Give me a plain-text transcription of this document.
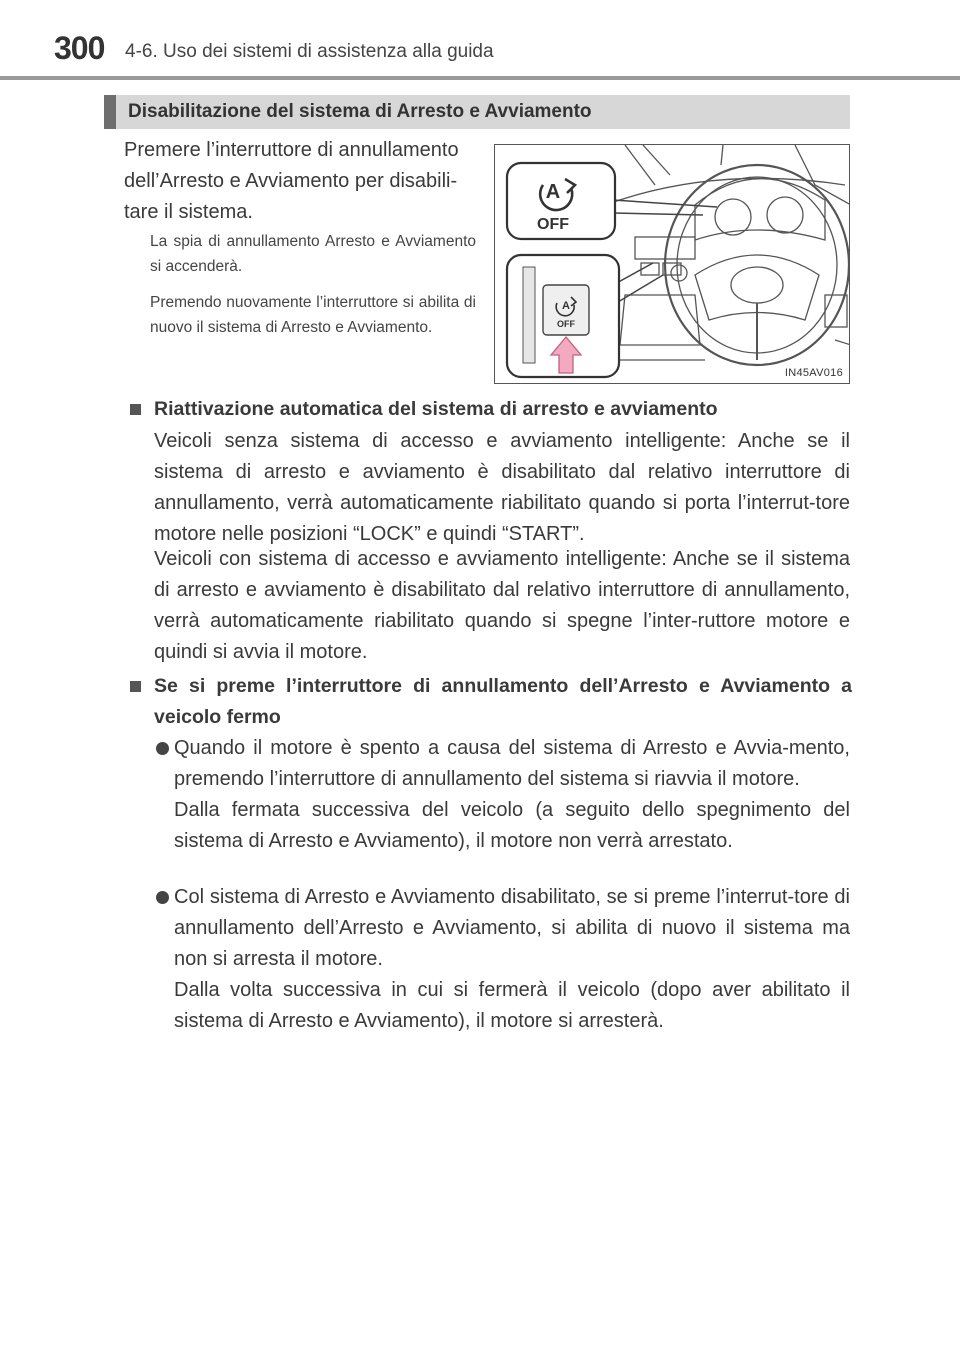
300 4-6. Uso dei sistemi di assistenza alla guida
Disabilitazione del sistema di Arresto e Avviamento
Premere l’interruttore di annullamento dell’Arresto e Avviamento per disabili-tare il sistema.
La spia di annullamento Arresto e Avviamento si accenderà.
Premendo nuovamente l’interruttore si abilita di nuovo il sistema di Arresto e Avviamento.
A
OFF
A
OFF
IN45AV016
Riattivazione automatica del sistema di arresto e avviamento
Veicoli senza sistema di accesso e avviamento intelligente: Anche se il sistema di arresto e avviamento è disabilitato dal relativo interruttore di annullamento, verrà automaticamente riabilitato quando si porta l’interrut-tore motore nelle posizioni “LOCK” e quindi “START”.
Veicoli con sistema di accesso e avviamento intelligente: Anche se il sistema di arresto e avviamento è disabilitato dal relativo interruttore di annullamento, verrà automaticamente riabilitato quando si spegne l’inter-ruttore motore e quindi si avvia il motore.
Se si preme l’interruttore di annullamento dell’Arresto e Avviamento a veicolo fermo
Quando il motore è spento a causa del sistema di Arresto e Avvia-mento, premendo l’interruttore di annullamento del sistema si riavvia il motore.
Dalla fermata successiva del veicolo (a seguito dello spegnimento del sistema di Arresto e Avviamento), il motore non verrà arrestato.
Col sistema di Arresto e Avviamento disabilitato, se si preme l’interrut-tore di annullamento dell’Arresto e Avviamento, si abilita di nuovo il sistema ma non si arresta il motore.
Dalla volta successiva in cui si fermerà il veicolo (dopo aver abilitato il sistema di Arresto e Avviamento), il motore si arresterà.
